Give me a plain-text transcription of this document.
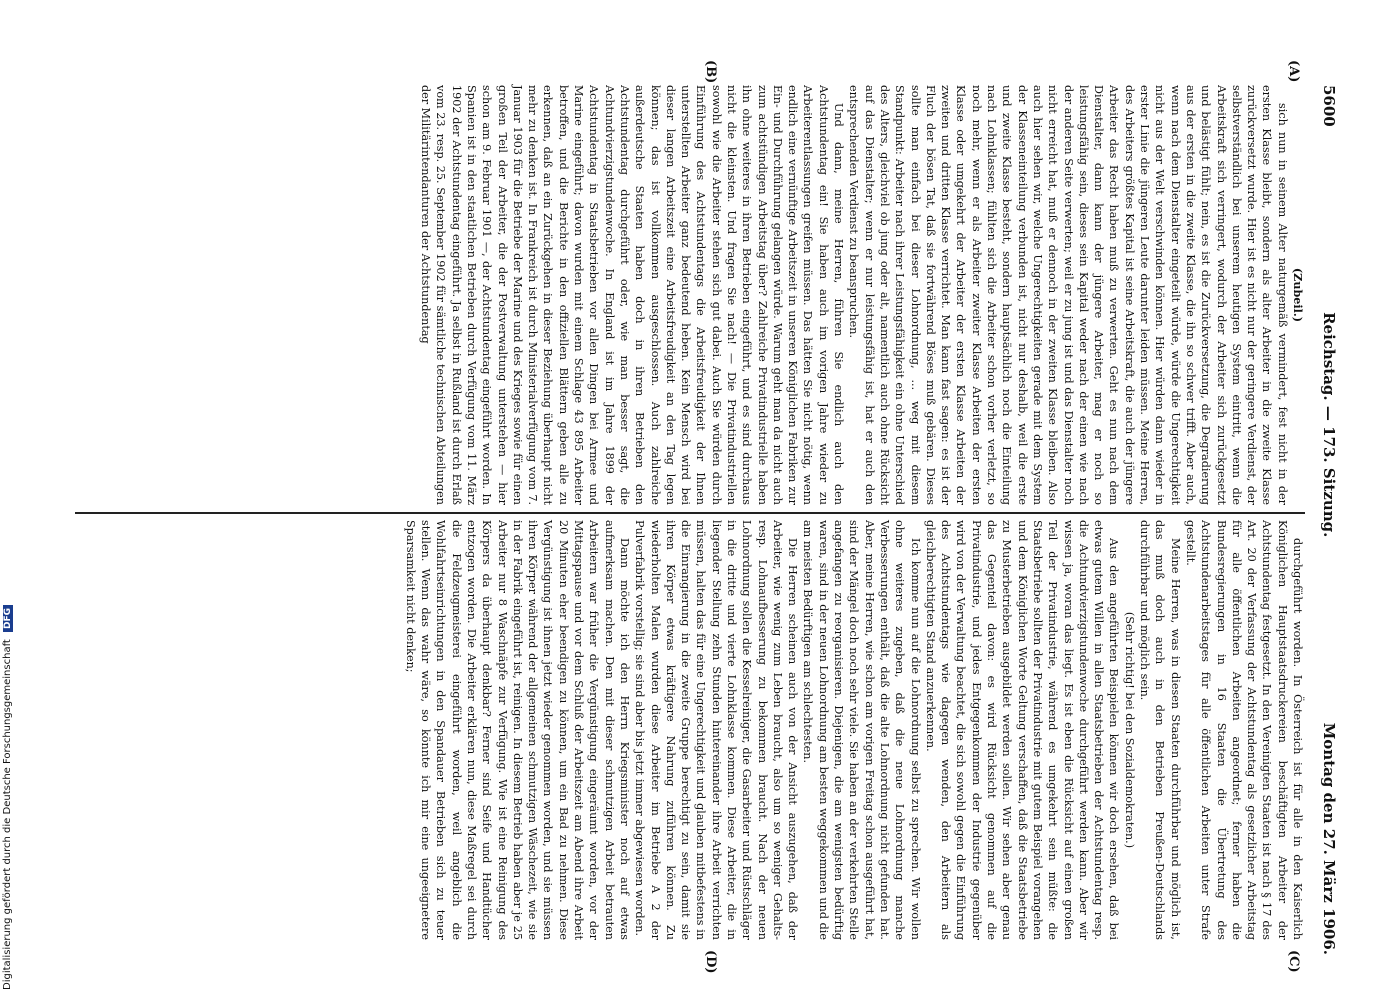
5600
Reichstag. — 173. Sitzung.
Montag den 27. März 1906.
(A)
(B)
(C)
(D)

(Zubeil.)

sich nun in seinem Alter naturgemäß vermindert, fest nicht in der ersten Klasse bleibt, sondern als alter Arbeiter in die zweite Klasse zurückversetzt wurde. Hier ist es nicht nur der geringere Verdienst, der selbstverständlich bei unserem heutigen System eintritt, wenn die Arbeitskraft sich verringert, wodurch der Arbeiter sich zurückgesetzt und belästigt fühlt; nein, es ist die Zurückversetzung, die Degradierung aus der ersten in die zweite Klasse, die ihn so schwer trifft. Aber auch, wenn nach dem Dienstalter eingeteilt würde, würde die Ungerechtigkeit nicht aus der Welt verschwinden können. Hier würden dann wieder in erster Linie die jüngeren Leute darunter leiden müssen. Meine Herren, des Arbeiters größtes Kapital ist seine Arbeitskraft, die auch der jüngere Arbeiter das Recht haben muß zu verwerten. Geht es nun nach dem Dienstalter, dann kann der jüngere Arbeiter, mag er noch so leistungsfähig sein, dieses sein Kapital weder nach der einen wie nach der anderen Seite verwerten; weil er zu jung ist und das Dienstalter noch nicht erreicht hat, muß er dennoch in der zweiten Klasse bleiben. Also auch hier sehen wir, welche Ungerechtigkeiten gerade mit dem System der Klasseneinteilung verbunden ist, nicht nur deshalb, weil die erste und zweite Klasse besteht, sondern hauptsächlich noch die Einteilung nach Lohnklassen; fühlten sich die Arbeiter schon vorher verletzt, so noch mehr, wenn er als Arbeiter zweiter Klasse Arbeiten der ersten Klasse oder umgekehrt der Arbeiter der ersten Klasse Arbeiten der zweiten und dritten Klasse verrichtet. Man kann fast sagen: es ist der Fluch der bösen Tat, daß sie fortwährend Böses muß gebären. Dieses sollte man einfach bei dieser Lohnordnung, ... weg mit diesem Standpunkt: Arbeiter nach ihrer Leistungsfähigkeit ein ohne Unterschied des Alters, gleichviel ob jung oder alt, namentlich auch ohne Rücksicht auf das Dienstalter; wenn er nur leistungsfähig ist, hat er auch den entsprechenden Verdienst zu beanspruchen.

Und dann, meine Herren, führen Sie endlich auch den Achtstundentag ein! Sie haben auch im vorigen Jahre wieder zu Arbeiterentlassungen greifen müssen. Das hätten Sie nicht nötig, wenn endlich eine vernünftige Arbeitszeit in unseren Königlichen Fabriken zur Ein- und Durchführung gelangen würde. Warum geht man da nicht auch zum achtstündigen Arbeitstag über? Zahlreiche Privatindustrielle haben ihn ohne weiteres in ihren Betrieben eingeführt, und es sind durchaus nicht die kleinsten. Und fragen Sie nach! — Die Privatindustriellen sowohl wie die Arbeiter stehen sich gut dabei. Auch Sie würden durch Einführung des Achtstundentags die Arbeitsfreudigkeit der Ihnen unterstellten Arbeiter ganz bedeutend heben. Kein Mensch wird bei dieser langen Arbeitszeit eine Arbeitsfreudigkeit an den Tag legen können; das ist vollkommen ausgeschlossen. Auch zahlreiche außerdeutsche Staaten haben doch in ihren Betrieben den Achtstundentag durchgeführt oder, wie man besser sagt, die Achtundvierzigstundenwoche. In England ist im Jahre 1899 der Achtstundentag in Staatsbetrieben vor allen Dingen bei Armee und Marine eingeführt; davon wurden mit einem Schlage 43 895 Arbeiter betroffen, und die Berichte in den offiziellen Blättern geben alle zu erkennen, daß an ein Zurückgehen in dieser Beziehung überhaupt nicht mehr zu denken ist. In Frankreich ist durch Ministerialverfügung vom 7. Januar 1903 für die Betriebe der Marine und des Krieges sowie für einen großen Teil der Arbeiter, die der Postverwaltung unterstehen — hier schon am 9. Februar 1901 —, der Achtstundentag eingeführt worden. In Spanien ist in den staatlichen Betrieben durch Verfügung vom 11. März 1902 der Achtstundentag eingeführt. Ja selbst in Rußland ist durch Erlaß vom 23. resp. 25. September 1902 für sämtliche technischen Abteilungen der Militärintendanturen der Achtstundentag

durchgeführt worden. In Österreich ist für alle in den Kaiserlich Königlichen Hauptstaatsdruckereien beschäftigten Arbeiter der Achtstundentag festgesetzt. In den Vereinigten Staaten ist nach § 17 des Art. 20 der Verfassung der Achtstundentag als gesetzlicher Arbeitstag für alle öffentlichen Arbeiten angeordnet; ferner haben die Bundesregierungen in 16 Staaten die Übertretung des Achtstundenarbeitstages für alle öffentlichen Arbeiten unter Strafe gestellt.

Meine Herren, was in diesen Staaten durchführbar und möglich ist, das muß doch auch in den Betrieben Preußen-Deutschlands durchführbar und möglich sein.

(Sehr richtig! bei den Sozialdemokraten.)

Aus den angeführten Beispielen können wir doch ersehen, daß bei etwas gutem Willen in allen Staatsbetrieben der Achtstundentag resp. die Achtundvierzigstundenwoche durchgeführt werden kann. Aber wir wissen ja, woran das liegt. Es ist eben die Rücksicht auf einen großen Teil der Privatindustrie, während es umgekehrt sein müßte: die Staatsbetriebe sollten der Privatindustrie mit gutem Beispiel vorangehen und dem Königlichen Worte Geltung verschaffen, daß die Staatsbetriebe zu Musterbetrieben ausgebildet werden sollen. Wir sehen aber genau das Gegenteil davon: es wird Rücksicht genommen auf die Privatindustrie, und jedes Entgegenkommen der Industrie gegenüber wird von der Verwaltung beachtet, die sich sowohl gegen die Einführung des Achtstundentags wie dagegen wenden, den Arbeitern als gleichberechtigten Stand anzuerkennen.

Ich komme nun auf die Lohnordnung selbst zu sprechen. Wir wollen ohne weiteres zugeben, daß die neue Lohnordnung manche Verbesserungen enthält, daß die alte Lohnordnung nicht gefunden hat. Aber, meine Herren, wie schon am vorigen Freitag schon ausgeführt hat, sind der Mängel doch noch sehr viele. Sie haben an der verkehrten Stelle angefangen zu reorganisieren. Diejenigen, die am wenigsten bedürftig waren, sind in der neuen Lohnordnung am besten weggekommen und die am meisten Bedürftigen am schlechtesten.

Die Herren scheinen auch von der Ansicht auszugehen, daß der Arbeiter, wie wenig zum Leben braucht, also um so weniger Gehalts- resp. Lohnaufbesserung zu bekommen braucht. Nach der neuen Lohnordnung sollen die Kesselreiniger, die Gasarbeiter und Rüstschläger in die dritte und vierte Lohnklasse kommen. Diese Arbeiter, die in liegender Stellung zehn Stunden hintereinander ihre Arbeit verrichten müssen, halten das für eine Ungerechtigkeit und glauben mitbefestens in die Einrangierung in die zweite Gruppe berechtigt zu sein, damit sie ihren Körper etwas kräftigere Nahrung zuführen können. Zu wiederholten Malen wurden diese Arbeiter im Betriebe A 2 der Pulverfabrik vorstellig; sie sind aber bis jetzt immer abgewiesen worden.

Dann möchte ich den Herrn Kriegsminister noch auf etwas aufmerksam machen. Den mit dieser schmutzigen Arbeit betrauten Arbeitern war früher die Vergünstigung eingeräumt worden, vor der Mittagspause und vor dem Schluß der Arbeitszeit am Abend ihre Arbeit 20 Minuten eher beendigen zu können, um ein Bad zu nehmen. Diese Vergünstigung ist ihnen jetzt wieder genommen worden, und sie müssen ihren Körper während der allgemeinen schmutzigen Wäschezeit, wie sie in der Fabrik eingeführt ist, reinigen. In diesem Betrieb haben aber je 25 Arbeiter nur 8 Waschnäpfe zur Verfügung. Wie ist eine Reinigung des Körpers da überhaupt denkbar? Ferner sind Seife und Handtücher entzogen worden. Die Arbeiter erklären nun, diese Maßregel sei durch die Feldzeugmeisterei eingeführt worden, weil angeblich die Wohlfahrtseinrichtungen in den Spandauer Betrieben sich zu teuer stellen. Wenn das wahr wäre, so könnte ich mir eine ungeeignetere Sparsamkeit nicht denken;

Digitalisierung gefördert durch die Deutsche Forschungsgemeinschaft DFG
